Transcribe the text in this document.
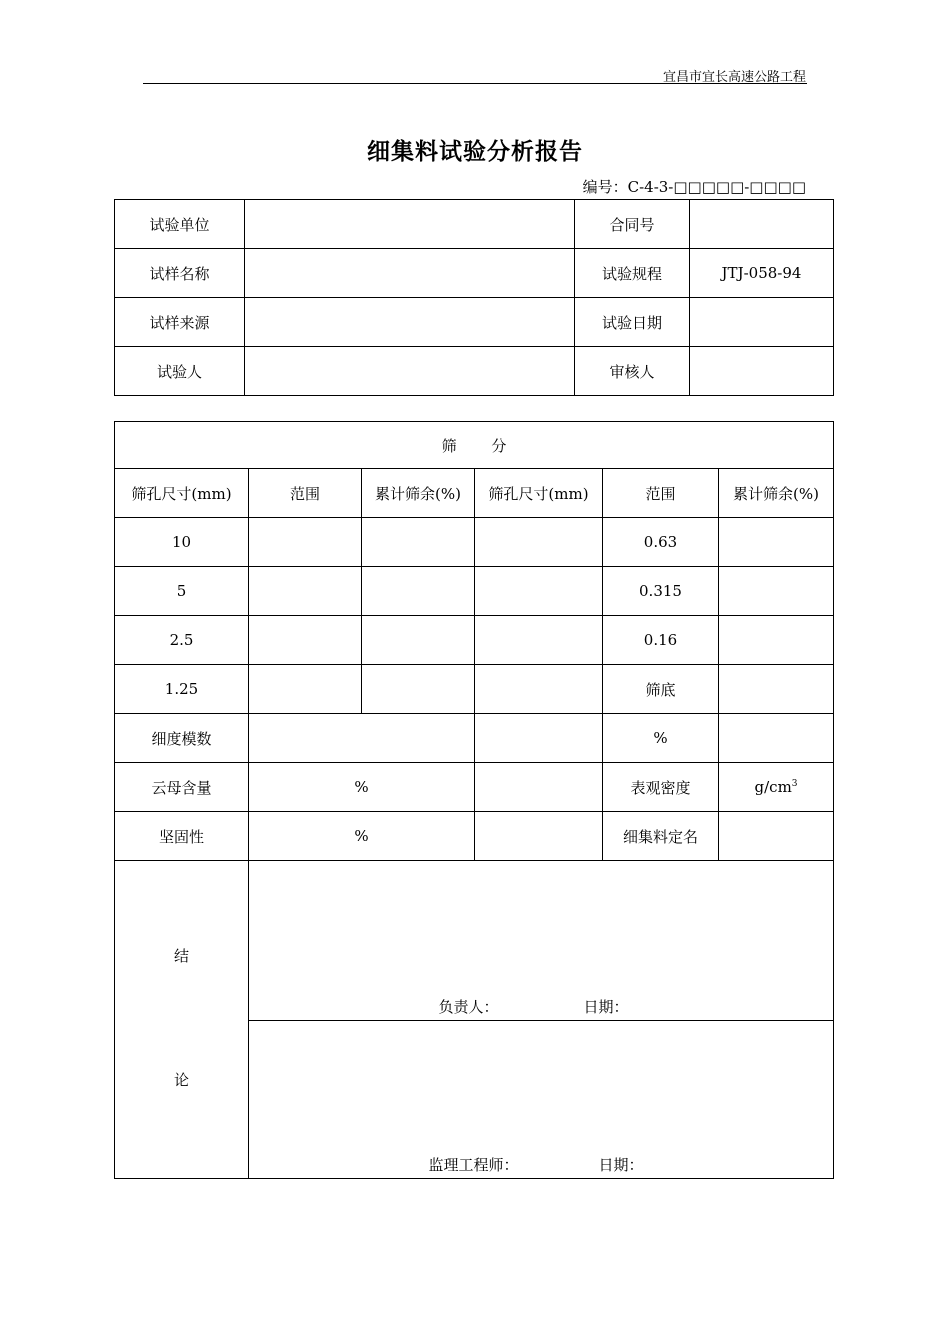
宜昌市宜长高速公路工程
细集料试验分析报告
编号：C-4-3-□□□□□-□□□□
试验单位		合同号	
试样名称		试验规程	JTJ-058-94
试样来源		试验日期	
试验人		审核人	
筛 分					
筛孔尺寸(mm)	范围	累计筛余(%)	筛孔尺寸(mm)	范围	累计筛余(%)
10				0.63	
5				0.315	
2.5				0.16	
1.25				筛底	
细度模数				%	
云母含量	%			表观密度	$g/cm^3$
坚固性	%			细集料定名	

结
论	负责人： 日期：				
	监理工程师： 日期：				
